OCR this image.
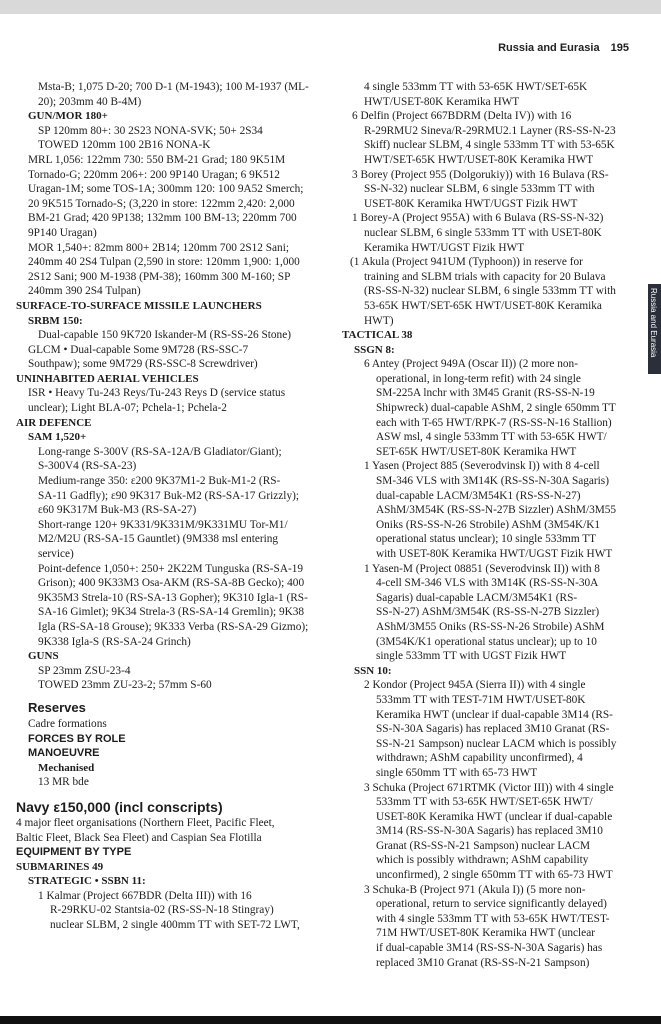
Russia and Eurasia 195
Msta-B; 1,075 D-20; 700 D-1 (M-1943); 100 M-1937 (ML-
20); 203mm 40 B-4M)
GUN/MOR 180+
SP 120mm 80+: 30 2S23 NONA-SVK; 50+ 2S34
TOWED 120mm 100 2B16 NONA-K
MRL 1,056: 122mm 730: 550 BM-21 Grad; 180 9K51M
Tornado-G; 220mm 206+: 200 9P140 Uragan; 6 9K512
Uragan-1M; some TOS-1A; 300mm 120: 100 9A52 Smerch;
20 9K515 Tornado-S; (3,220 in store: 122mm 2,420: 2,000
BM-21 Grad; 420 9P138; 132mm 100 BM-13; 220mm 700
9P140 Uragan)
MOR 1,540+: 82mm 800+ 2B14; 120mm 700 2S12 Sani;
240mm 40 2S4 Tulpan (2,590 in store: 120mm 1,900: 1,000
2S12 Sani; 900 M-1938 (PM-38); 160mm 300 M-160; SP
240mm 390 2S4 Tulpan)
SURFACE-TO-SURFACE MISSILE LAUNCHERS
SRBM 150:
Dual-capable 150 9K720 Iskander-M (RS-SS-26 Stone)
GLCM • Dual-capable Some 9M728 (RS-SSC-7
Southpaw); some 9M729 (RS-SSC-8 Screwdriver)
UNINHABITED AERIAL VEHICLES
ISR • Heavy Tu-243 Reys/Tu-243 Reys D (service status
unclear); Light BLA-07; Pchela-1; Pchela-2
AIR DEFENCE
SAM 1,520+
Long-range S-300V (RS-SA-12A/B Gladiator/Giant);
S-300V4 (RS-SA-23)
Medium-range 350: ε200 9K37M1-2 Buk-M1-2 (RS-
SA-11 Gadfly); ε90 9K317 Buk-M2 (RS-SA-17 Grizzly);
ε60 9K317M Buk-M3 (RS-SA-27)
Short-range 120+ 9K331/9K331M/9K331MU Tor-M1/
M2/M2U (RS-SA-15 Gauntlet) (9M338 msl entering
service)
Point-defence 1,050+: 250+ 2K22M Tunguska (RS-SA-19
Grison); 400 9K33M3 Osa-AKM (RS-SA-8B Gecko); 400
9K35M3 Strela-10 (RS-SA-13 Gopher); 9K310 Igla-1 (RS-
SA-16 Gimlet); 9K34 Strela-3 (RS-SA-14 Gremlin); 9K38
Igla (RS-SA-18 Grouse); 9K333 Verba (RS-SA-29 Gizmo);
9K338 Igla-S (RS-SA-24 Grinch)
GUNS
SP 23mm ZSU-23-4
TOWED 23mm ZU-23-2; 57mm S-60
Reserves
Cadre formations
FORCES BY ROLE
MANOEUVRE
Mechanised
13 MR bde
Navy ε150,000 (incl conscripts)
4 major fleet organisations (Northern Fleet, Pacific Fleet,
Baltic Fleet, Black Sea Fleet) and Caspian Sea Flotilla
EQUIPMENT BY TYPE
SUBMARINES 49
STRATEGIC • SSBN 11:
1 Kalmar (Project 667BDR (Delta III)) with 16
R-29RKU-02 Stantsia-02 (RS-SS-N-18 Stingray)
nuclear SLBM, 2 single 400mm TT with SET-72 LWT,
4 single 533mm TT with 53-65K HWT/SET-65K
HWT/USET-80K Keramika HWT
6 Delfin (Project 667BDRM (Delta IV)) with 16
R-29RMU2 Sineva/R-29RMU2.1 Layner (RS-SS-N-23
Skiff) nuclear SLBM, 4 single 533mm TT with 53-65K
HWT/SET-65K HWT/USET-80K Keramika HWT
3 Borey (Project 955 (Dolgorukiy)) with 16 Bulava (RS-
SS-N-32) nuclear SLBM, 6 single 533mm TT with
USET-80K Keramika HWT/UGST Fizik HWT
1 Borey-A (Project 955A) with 6 Bulava (RS-SS-N-32)
nuclear SLBM, 6 single 533mm TT with USET-80K
Keramika HWT/UGST Fizik HWT
(1 Akula (Project 941UM (Typhoon)) in reserve for
training and SLBM trials with capacity for 20 Bulava
(RS-SS-N-32) nuclear SLBM, 6 single 533mm TT with
53-65K HWT/SET-65K HWT/USET-80K Keramika
HWT)
TACTICAL 38
SSGN 8:
6 Antey (Project 949A (Oscar II)) (2 more non-
operational, in long-term refit) with 24 single
SM-225A lnchr with 3M45 Granit (RS-SS-N-19
Shipwreck) dual-capable AShM, 2 single 650mm TT
each with T-65 HWT/RPK-7 (RS-SS-N-16 Stallion)
ASW msl, 4 single 533mm TT with 53-65K HWT/
SET-65K HWT/USET-80K Keramika HWT
1 Yasen (Project 885 (Severodvinsk I)) with 8 4-cell
SM-346 VLS with 3M14K (RS-SS-N-30A Sagaris)
dual-capable LACM/3M54K1 (RS-SS-N-27)
AShM/3M54K (RS-SS-N-27B Sizzler) AShM/3M55
Oniks (RS-SS-N-26 Strobile) AShM (3M54K/K1
operational status unclear); 10 single 533mm TT
with USET-80K Keramika HWT/UGST Fizik HWT
1 Yasen-M (Project 08851 (Severodvinsk II)) with 8
4-cell SM-346 VLS with 3M14K (RS-SS-N-30A
Sagaris) dual-capable LACM/3M54K1 (RS-
SS-N-27) AShM/3M54K (RS-SS-N-27B Sizzler)
AShM/3M55 Oniks (RS-SS-N-26 Strobile) AShM
(3M54K/K1 operational status unclear); up to 10
single 533mm TT with UGST Fizik HWT
SSN 10:
2 Kondor (Project 945A (Sierra II)) with 4 single
533mm TT with TEST-71M HWT/USET-80K
Keramika HWT (unclear if dual-capable 3M14 (RS-
SS-N-30A Sagaris) has replaced 3M10 Granat (RS-
SS-N-21 Sampson) nuclear LACM which is possibly
withdrawn; AShM capability unconfirmed), 4
single 650mm TT with 65-73 HWT
3 Schuka (Project 671RTMK (Victor III)) with 4 single
533mm TT with 53-65K HWT/SET-65K HWT/
USET-80K Keramika HWT (unclear if dual-capable
3M14 (RS-SS-N-30A Sagaris) has replaced 3M10
Granat (RS-SS-N-21 Sampson) nuclear LACM
which is possibly withdrawn; AShM capability
unconfirmed), 2 single 650mm TT with 65-73 HWT
3 Schuka-B (Project 971 (Akula I)) (5 more non-
operational, return to service significantly delayed)
with 4 single 533mm TT with 53-65K HWT/TEST-
71M HWT/USET-80K Keramika HWT (unclear
if dual-capable 3M14 (RS-SS-N-30A Sagaris) has
replaced 3M10 Granat (RS-SS-N-21 Sampson)
Russia and Eurasia
